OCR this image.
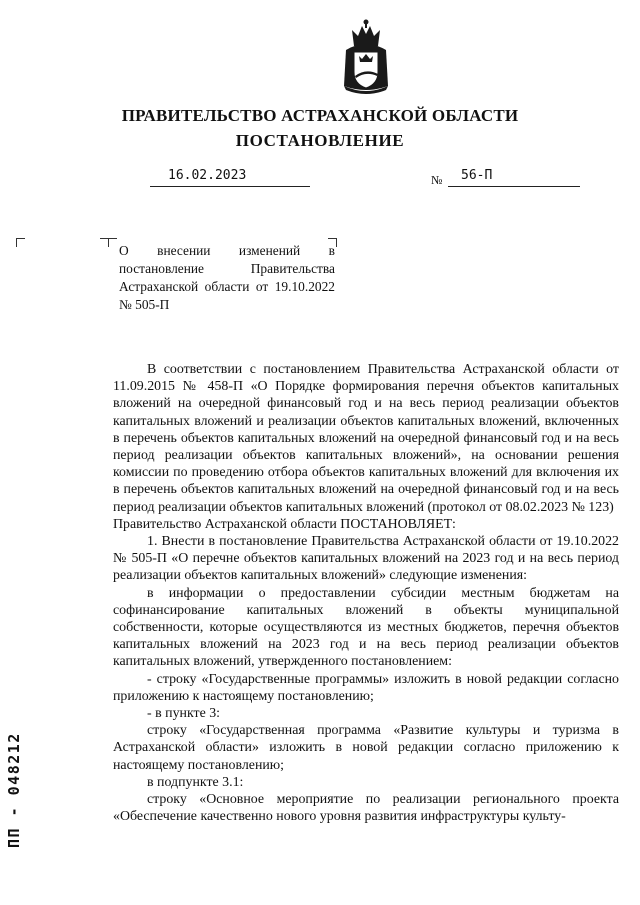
ПРАВИТЕЛЬСТВО АСТРАХАНСКОЙ ОБЛАСТИ
ПОСТАНОВЛЕНИЕ
16.02.2023	№ 56-П
О внесении изменений в постановление Правительства Астраханской области от 19.10.2022 № 505-П

В соответствии с постановлением Правительства Астраханской области от 11.09.2015 № 458-П «О Порядке формирования перечня объектов капитальных вложений на очередной финансовый год и на весь период реализации объектов капитальных вложений и реализации объектов капитальных вложений, включенных в перечень объектов капитальных вложений на очередной финансовый год и на весь период реализации объектов капитальных вложений», на основании решения комиссии по проведению отбора объектов капитальных вложений для включения их в перечень объектов капитальных вложений на очередной финансовый год и на весь период реализации объектов капитальных вложений (протокол от 08.02.2023 № 123)

Правительство Астраханской области ПОСТАНОВЛЯЕТ:

1. Внести в постановление Правительства Астраханской области от 19.10.2022 № 505-П «О перечне объектов капитальных вложений на 2023 год и на весь период реализации объектов капитальных вложений» следующие изменения:

в информации о предоставлении субсидии местным бюджетам на софинансирование капитальных вложений в объекты муниципальной собственности, которые осуществляются из местных бюджетов, перечня объектов капитальных вложений на 2023 год и на весь период реализации объектов капитальных вложений, утвержденного постановлением:

- строку «Государственные программы» изложить в новой редакции согласно приложению к настоящему постановлению;

- в пункте 3:

строку «Государственная программа «Развитие культуры и туризма в Астраханской области» изложить в новой редакции согласно приложению к настоящему постановлению;

в подпункте 3.1:

строку «Основное мероприятие по реализации регионального проекта «Обеспечение качественно нового уровня развития инфраструктуры культу-

ПП - 048212
